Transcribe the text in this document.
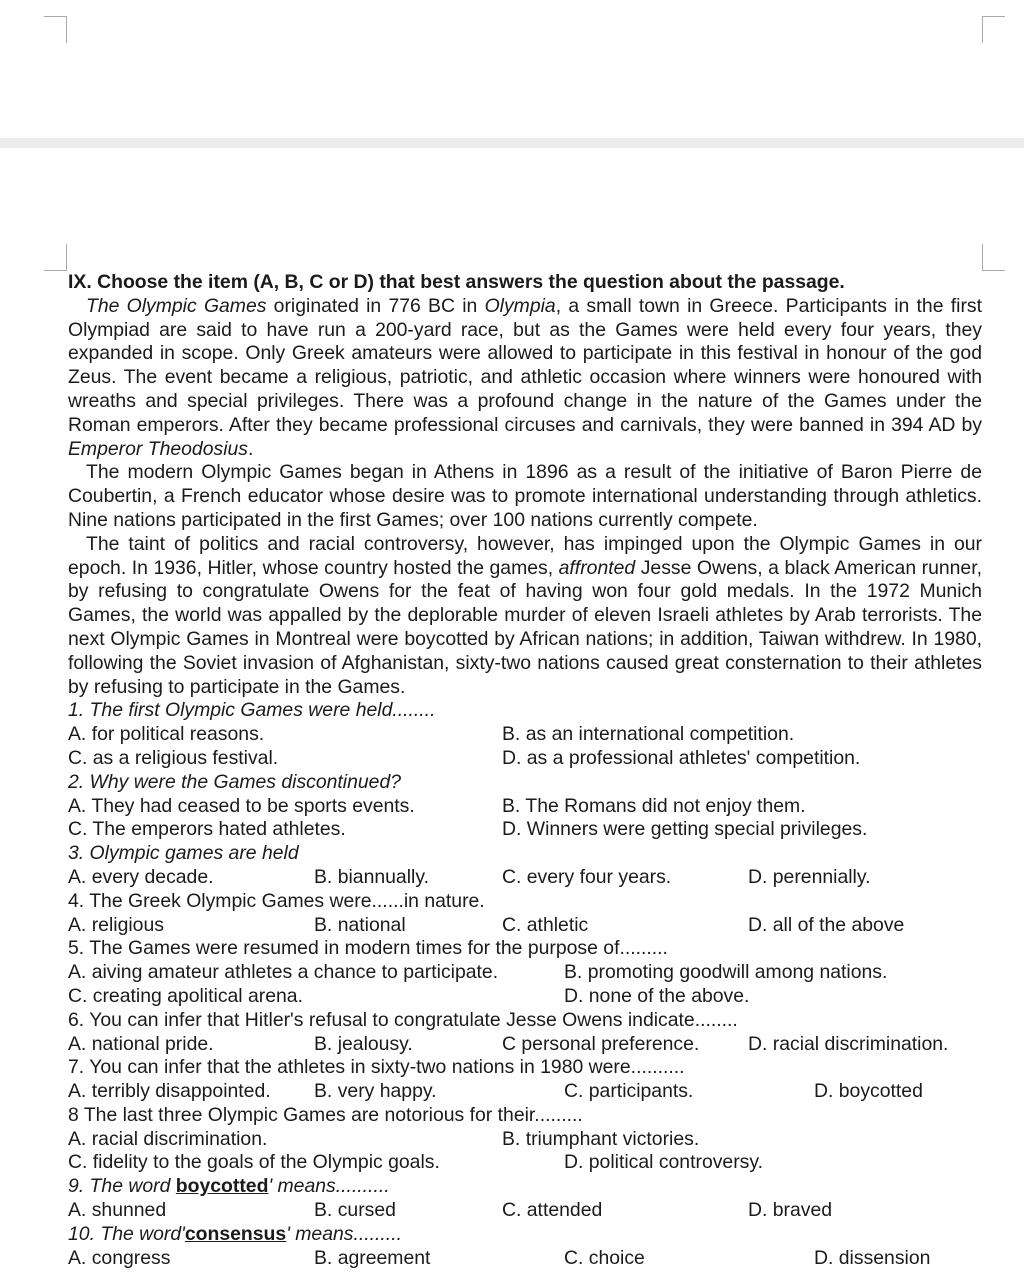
IX. Choose the item (A, B, C or D) that best answers the question about the passage.

The Olympic Games originated in 776 BC in Olympia, a small town in Greece. Participants in the first Olympiad are said to have run a 200-yard race, but as the Games were held every four years, they expanded in scope. Only Greek amateurs were allowed to participate in this festival in honour of the god Zeus. The event became a religious, patriotic, and athletic occasion where winners were honoured with wreaths and special privileges. There was a profound change in the nature of the Games under the Roman emperors. After they became professional circuses and carnivals, they were banned in 394 AD by Emperor Theodosius.

The modern Olympic Games began in Athens in 1896 as a result of the initiative of Baron Pierre de Coubertin, a French educator whose desire was to promote international understanding through athletics. Nine nations participated in the first Games; over 100 nations currently compete.

The taint of politics and racial controversy, however, has impinged upon the Olympic Games in our epoch. In 1936, Hitler, whose country hosted the games, affronted Jesse Owens, a black American runner, by refusing to congratulate Owens for the feat of having won four gold medals. In the 1972 Munich Games, the world was appalled by the deplorable murder of eleven Israeli athletes by Arab terrorists. The next Olympic Games in Montreal were boycotted by African nations; in addition, Taiwan withdrew. In 1980, following the Soviet invasion of Afghanistan, sixty-two nations caused great consternation to their athletes by refusing to participate in the Games.

1. The first Olympic Games were held........

A. for political reasons.	B. as an international competition.
C. as a religious festival.	D. as a professional athletes' competition.

2. Why were the Games discontinued?

A. They had ceased to be sports events.	B. The Romans did not enjoy them.
C. The emperors hated athletes.	D. Winners were getting special privileges.

3. Olympic games are held

A. every decade.	B. biannually.	C. every four years.	D. perennially.

4. The Greek Olympic Games were......in nature.

A. religious	B. national	C. athletic	D. all of the above

5. The Games were resumed in modern times for the purpose of.........

A. aiving amateur athletes a chance to participate.	B. promoting goodwill among nations.
C. creating apolitical arena.	D. none of the above.

6. You can infer that Hitler's refusal to congratulate Jesse Owens indicate........

A. national pride.	B. jealousy.	C personal preference.	D. racial discrimination.

7. You can infer that the athletes in sixty-two nations in 1980 were..........

A. terribly disappointed. B. very happy.	C. participants.	D. boycotted

8 The last three Olympic Games are notorious for their.........

A. racial discrimination.	B. triumphant victories.
C. fidelity to the goals of the Olympic goals.	D. political controversy.

9. The word boycotted' means..........

A. shunned	B. cursed	C. attended	D. braved

10. The word'consensus' means.........

A. congress	B. agreement	C. choice	D. dissension
